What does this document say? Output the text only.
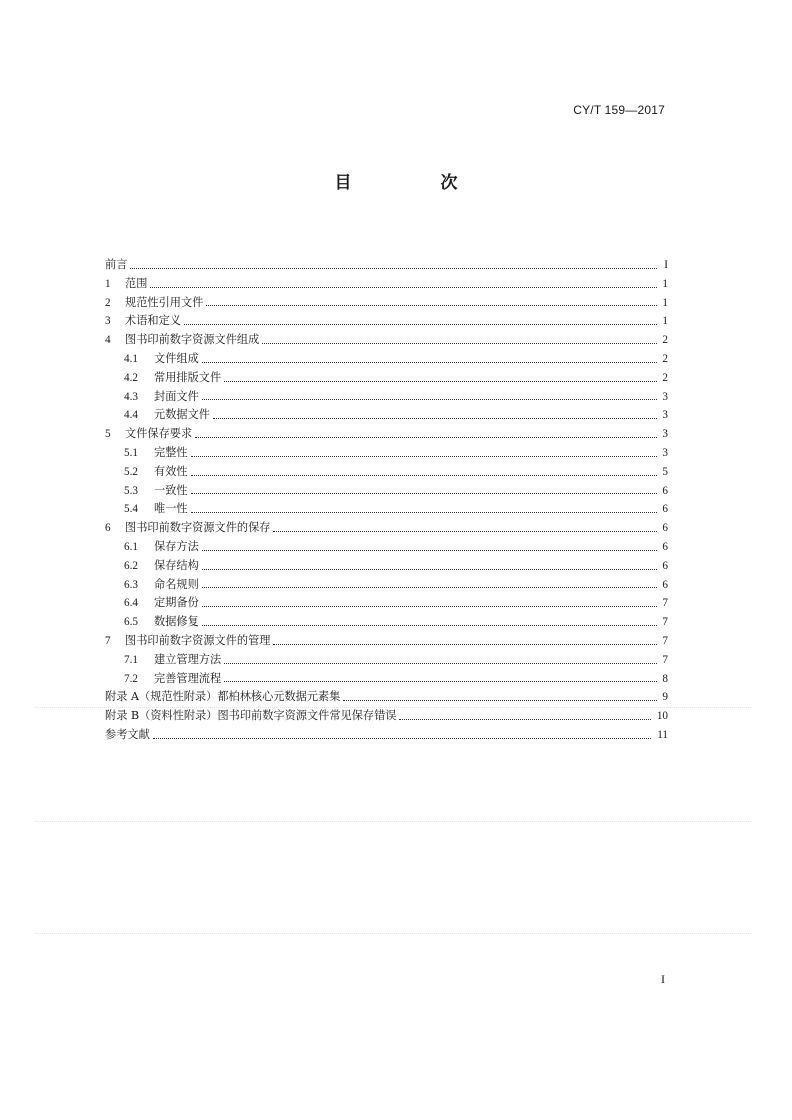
CY/T 159—2017
目　次
前言	I
1	范围	1
2	规范性引用文件	1
3	术语和定义	1
4	图书印前数字资源文件组成	2
4.1	文件组成	2
4.2	常用排版文件	2
4.3	封面文件	3
4.4	元数据文件	3
5	文件保存要求	3
5.1	完整性	3
5.2	有效性	5
5.3	一致性	6
5.4	唯一性	6
6	图书印前数字资源文件的保存	6
6.1	保存方法	6
6.2	保存结构	6
6.3	命名规则	6
6.4	定期备份	7
6.5	数据修复	7
7	图书印前数字资源文件的管理	7
7.1	建立管理方法	7
7.2	完善管理流程	8
附录 A（规范性附录）都柏林核心元数据元素集	9
附录 B（资料性附录）图书印前数字资源文件常见保存错误	10
参考文献	11
I
